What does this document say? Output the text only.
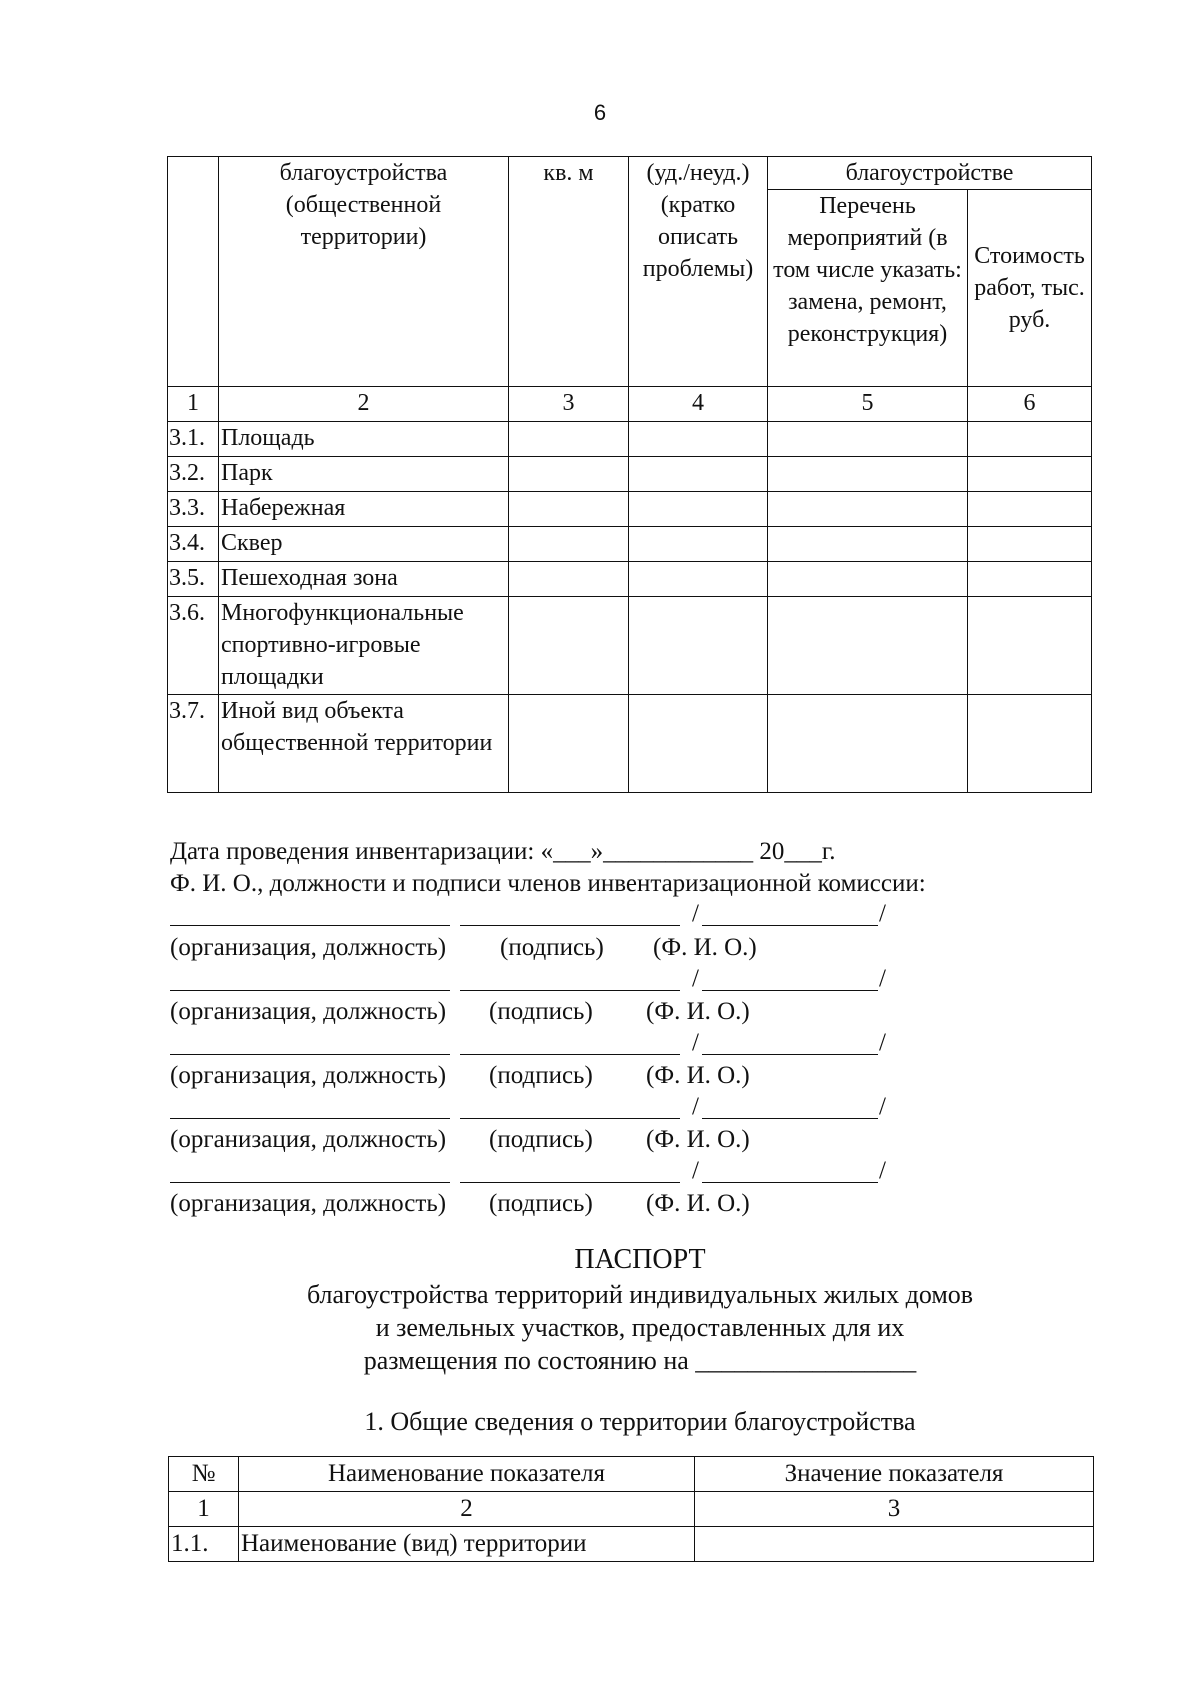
6
	благоустройства (общественной территории)	кв. м	(уд./неуд.) (кратко описать проблемы)	благоустройстве	
				Перечень мероприятий (в том числе указать: замена, ремонт, реконструкция)	Стоимость работ, тыс. руб.
1	2	3	4	5	6
3.1.	Площадь				
3.2.	Парк				
3.3.	Набережная				
3.4.	Сквер				
3.5.	Пешеходная зона				
3.6.	Многофункциональные спортивно-игровые площадки				
3.7.	Иной вид объекта общественной территории				
Дата проведения инвентаризации: «___»____________ 20___г.
Ф. И. О., должности и подписи членов инвентаризационной комиссии:
/	/
(организация, должность) (подпись) (Ф. И. О.)
/	/
(организация, должность) (подпись) (Ф. И. О.)
/	/
(организация, должность) (подпись) (Ф. И. О.)
/	/
(организация, должность) (подпись) (Ф. И. О.)
/	/
(организация, должность) (подпись) (Ф. И. О.)
ПАСПОРТ
благоустройства территорий индивидуальных жилых домов
и земельных участков, предоставленных для их
размещения по состоянию на _________________
1. Общие сведения о территории благоустройства
№	Наименование показателя	Значение показателя
1	2	3
1.1.	Наименование (вид) территории	
